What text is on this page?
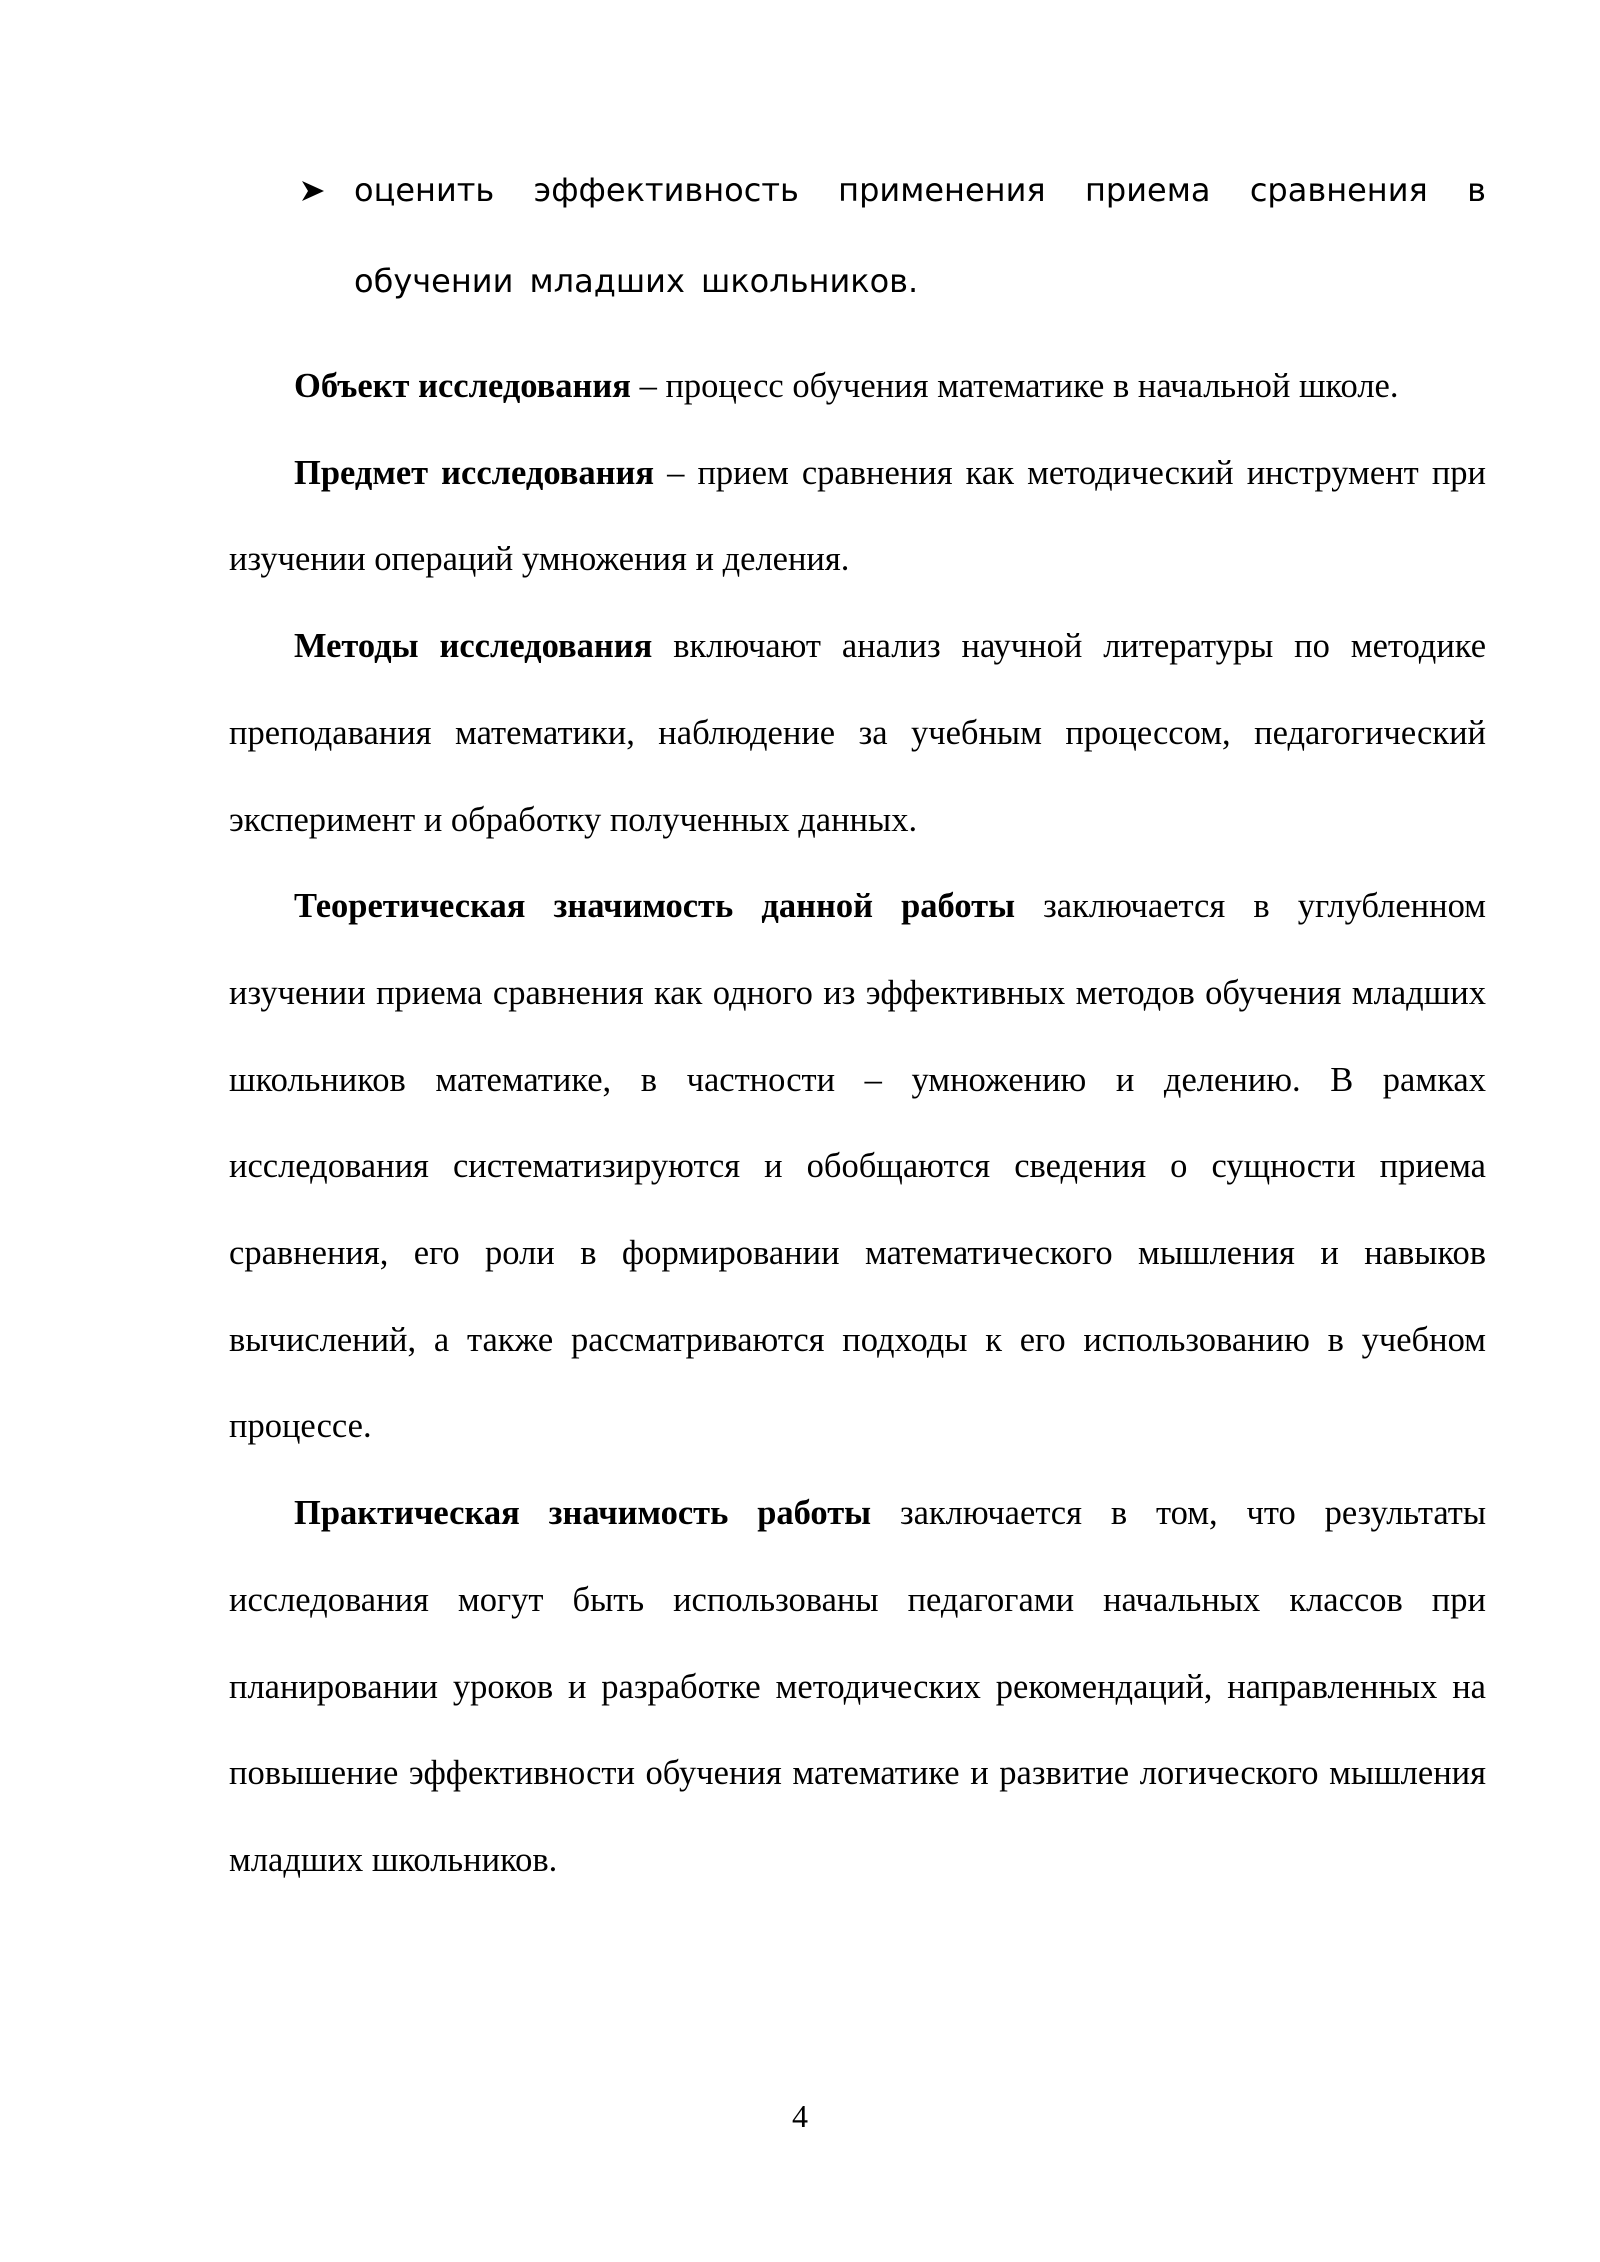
оценить эффективность применения приема сравнения в обучении младших школьников.

Объект исследования – процесс обучения математике в начальной школе.

Предмет исследования – прием сравнения как методический инструмент при изучении операций умножения и деления.

Методы исследования включают анализ научной литературы по методике преподавания математики, наблюдение за учебным процессом, педагогический эксперимент и обработку полученных данных.

Теоретическая значимость данной работы заключается в углубленном изучении приема сравнения как одного из эффективных методов обучения младших школьников математике, в частности – умножению и делению. В рамках исследования систематизируются и обобщаются сведения о сущности приема сравнения, его роли в формировании математического мышления и навыков вычислений, а также рассматриваются подходы к его использованию в учебном процессе.

Практическая значимость работы заключается в том, что результаты исследования могут быть использованы педагогами начальных классов при планировании уроков и разработке методических рекомендаций, направленных на повышение эффективности обучения математике и развитие логического мышления младших школьников.

4
